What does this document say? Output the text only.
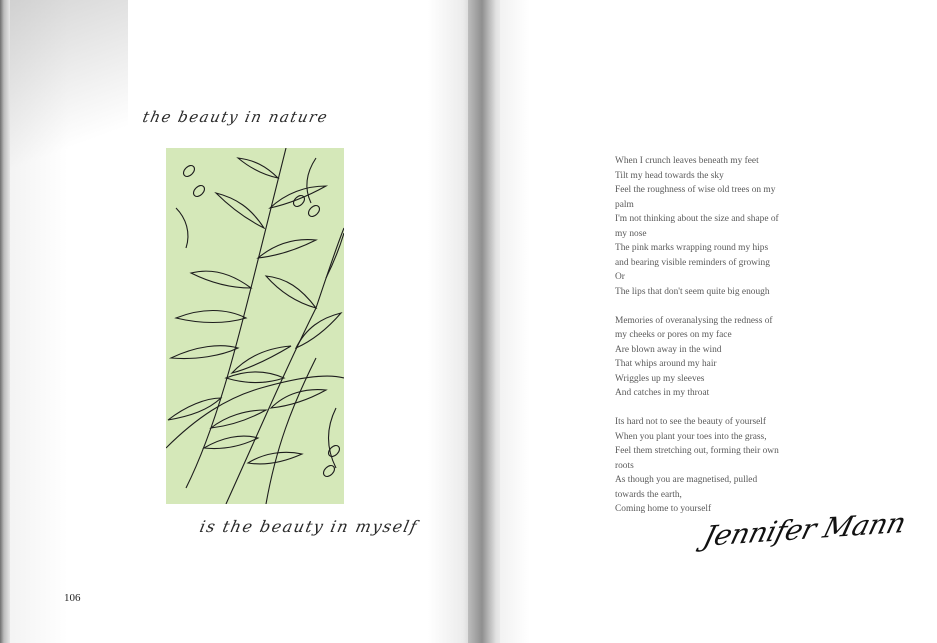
the beauty in nature
is the beauty in myself
106
When I crunch leaves beneath my feet
Tilt my head towards the sky
Feel the roughness of wise old trees on my
palm
I'm not thinking about the size and shape of
my nose
The pink marks wrapping round my hips
and bearing visible reminders of growing
Or
The lips that don't seem quite big enough
Memories of overanalysing the redness of
my cheeks or pores on my face
Are blown away in the wind
That whips around my hair
Wriggles up my sleeves
And catches in my throat
Its hard not to see the beauty of yourself
When you plant your toes into the grass,
Feel them stretching out, forming their own
roots
As though you are magnetised, pulled
towards the earth,
Coming home to yourself
Jennifer Mann
